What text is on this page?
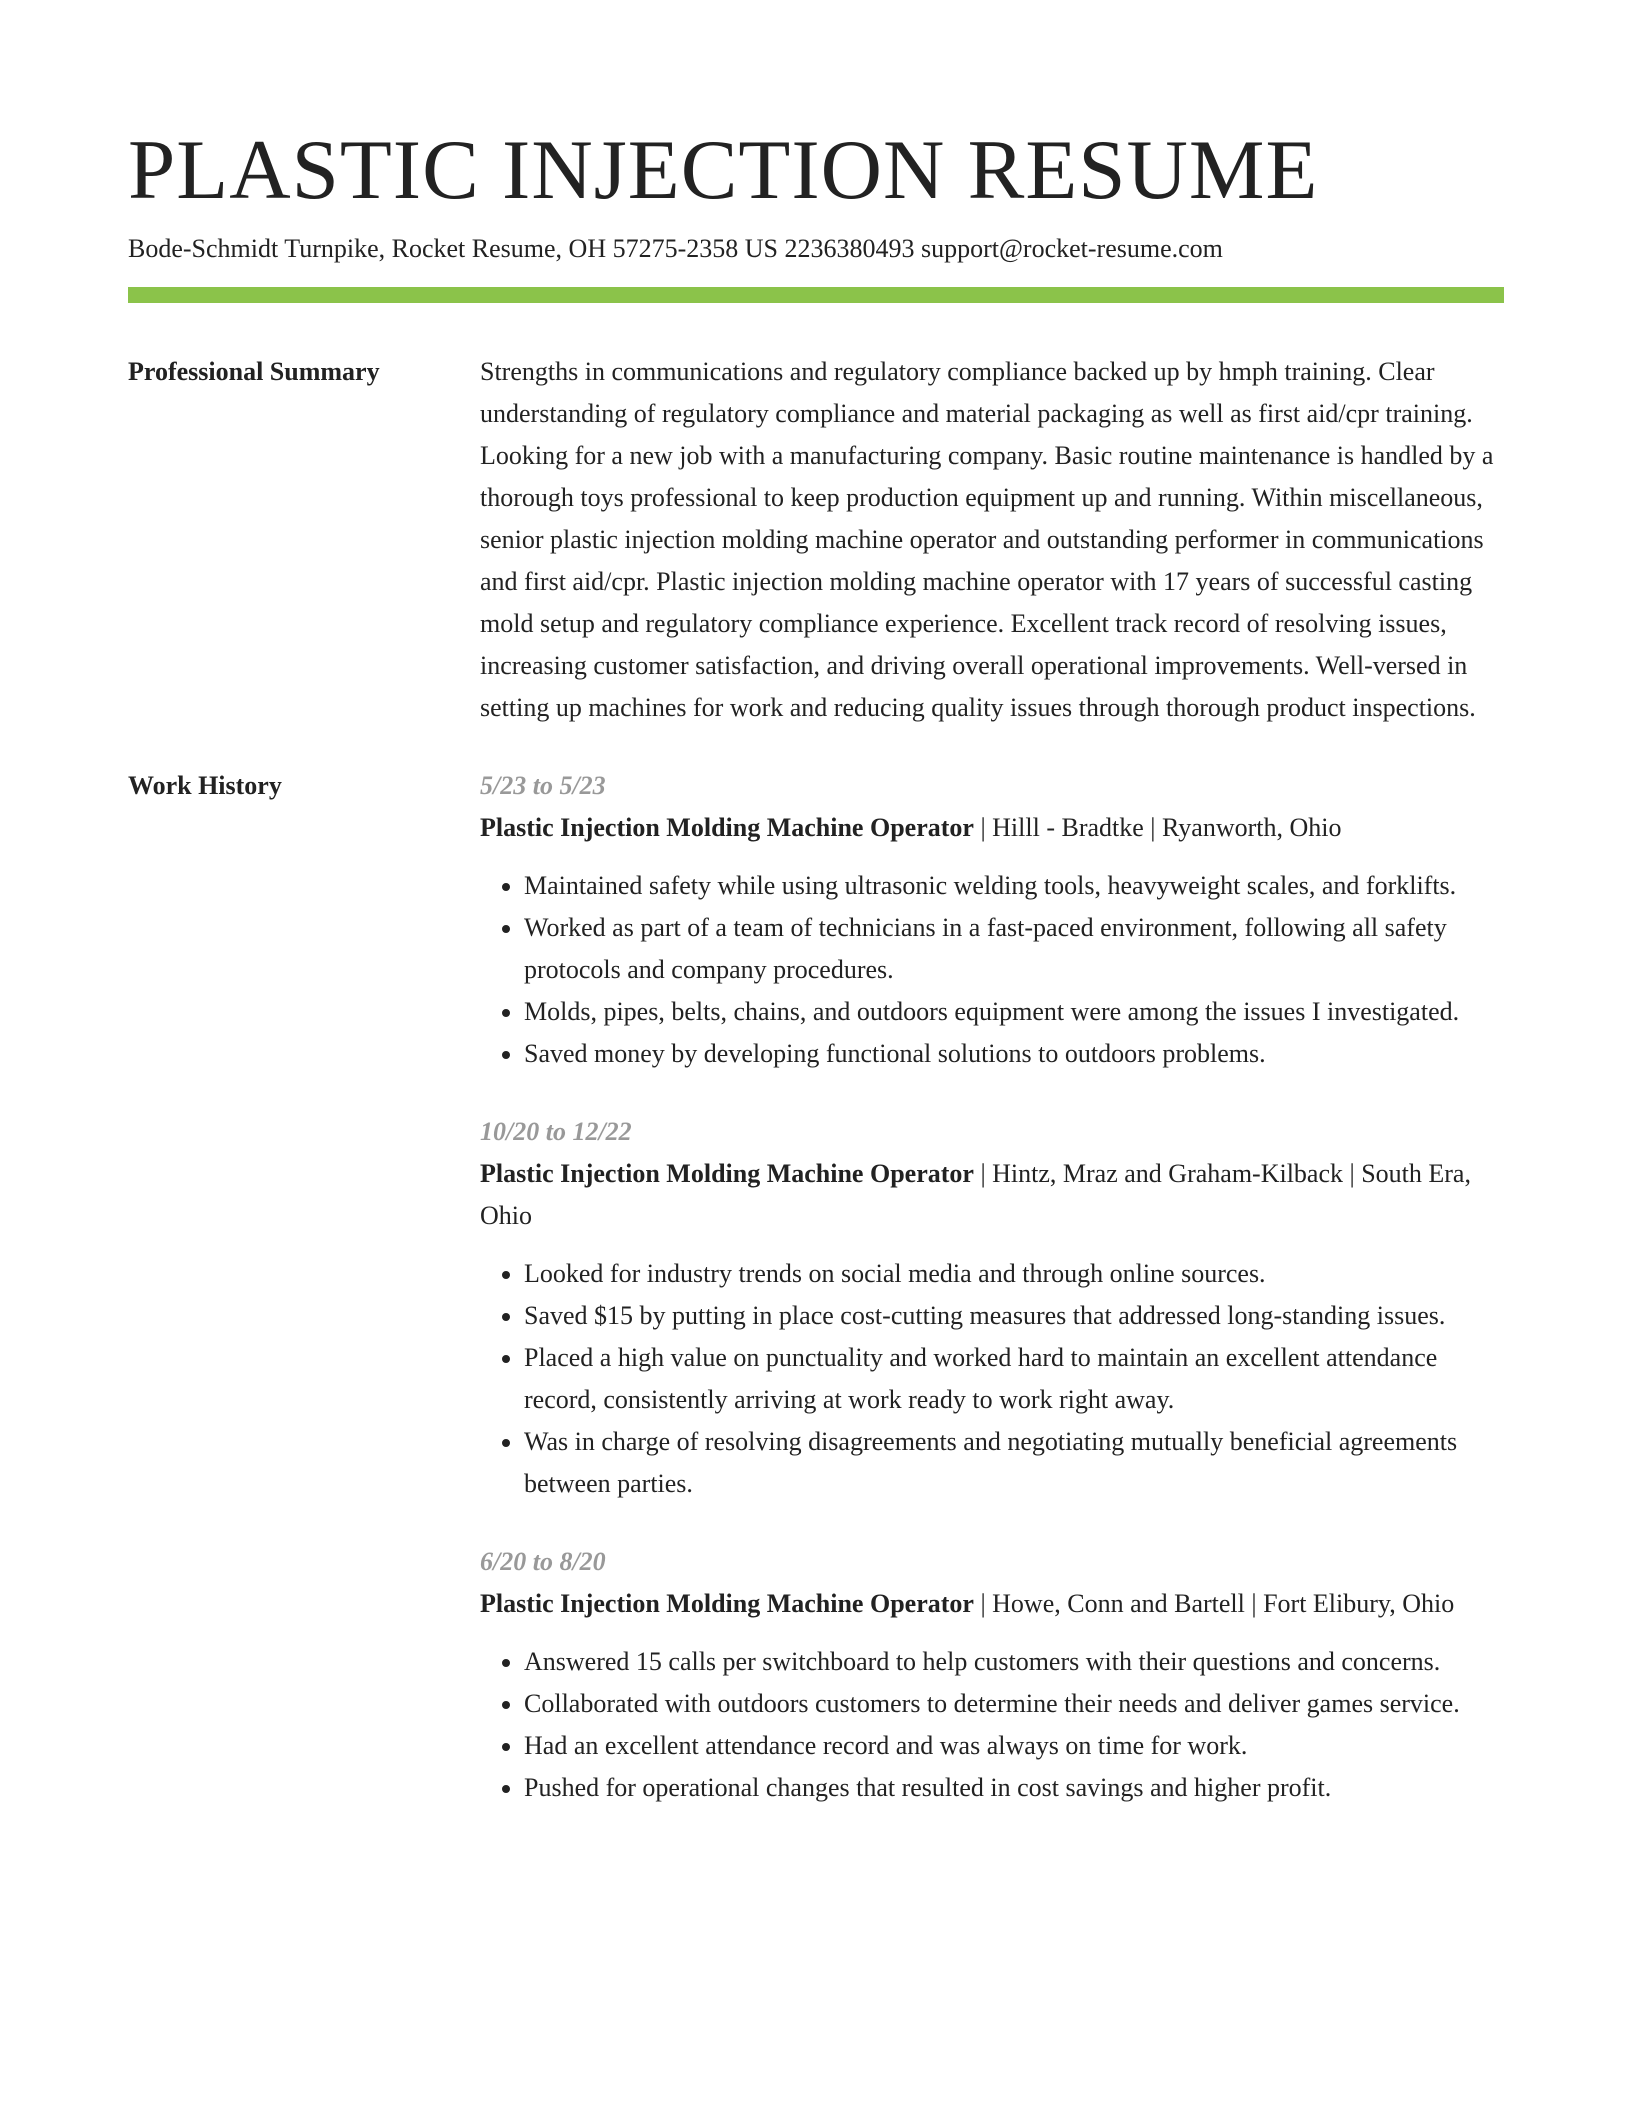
PLASTIC INJECTION RESUME
Bode-Schmidt Turnpike, Rocket Resume, OH 57275-2358 US 2236380493 support@rocket-resume.com
Professional Summary	Strengths in communications and regulatory compliance backed up by hmph training. Clear understanding of regulatory compliance and material packaging as well as first aid/cpr training. Looking for a new job with a manufacturing company. Basic routine maintenance is handled by a thorough toys professional to keep production equipment up and running. Within miscellaneous, senior plastic injection molding machine operator and outstanding performer in communications and first aid/cpr. Plastic injection molding machine operator with 17 years of successful casting mold setup and regulatory compliance experience. Excellent track record of resolving issues, increasing customer satisfaction, and driving overall operational improvements. Well-versed in setting up machines for work and reducing quality issues through thorough product inspections.

Work History	5/23 to 5/23

Plastic Injection Molding Machine Operator | Hilll - Bradtke | Ryanworth, Ohio

• Maintained safety while using ultrasonic welding tools, heavyweight scales, and forklifts.
• Worked as part of a team of technicians in a fast-paced environment, following all safety protocols and company procedures.
• Molds, pipes, belts, chains, and outdoors equipment were among the issues I investigated.
• Saved money by developing functional solutions to outdoors problems.
10/20 to 12/22

Plastic Injection Molding Machine Operator | Hintz, Mraz and Graham-Kilback | South Era, Ohio

• Looked for industry trends on social media and through online sources.
• Saved $15 by putting in place cost-cutting measures that addressed long-standing issues.
• Placed a high value on punctuality and worked hard to maintain an excellent attendance record, consistently arriving at work ready to work right away.
• Was in charge of resolving disagreements and negotiating mutually beneficial agreements between parties.
6/20 to 8/20

Plastic Injection Molding Machine Operator | Howe, Conn and Bartell | Fort Elibury, Ohio

• Answered 15 calls per switchboard to help customers with their questions and concerns.
• Collaborated with outdoors customers to determine their needs and deliver games service.
• Had an excellent attendance record and was always on time for work.
• Pushed for operational changes that resulted in cost savings and higher profit.
